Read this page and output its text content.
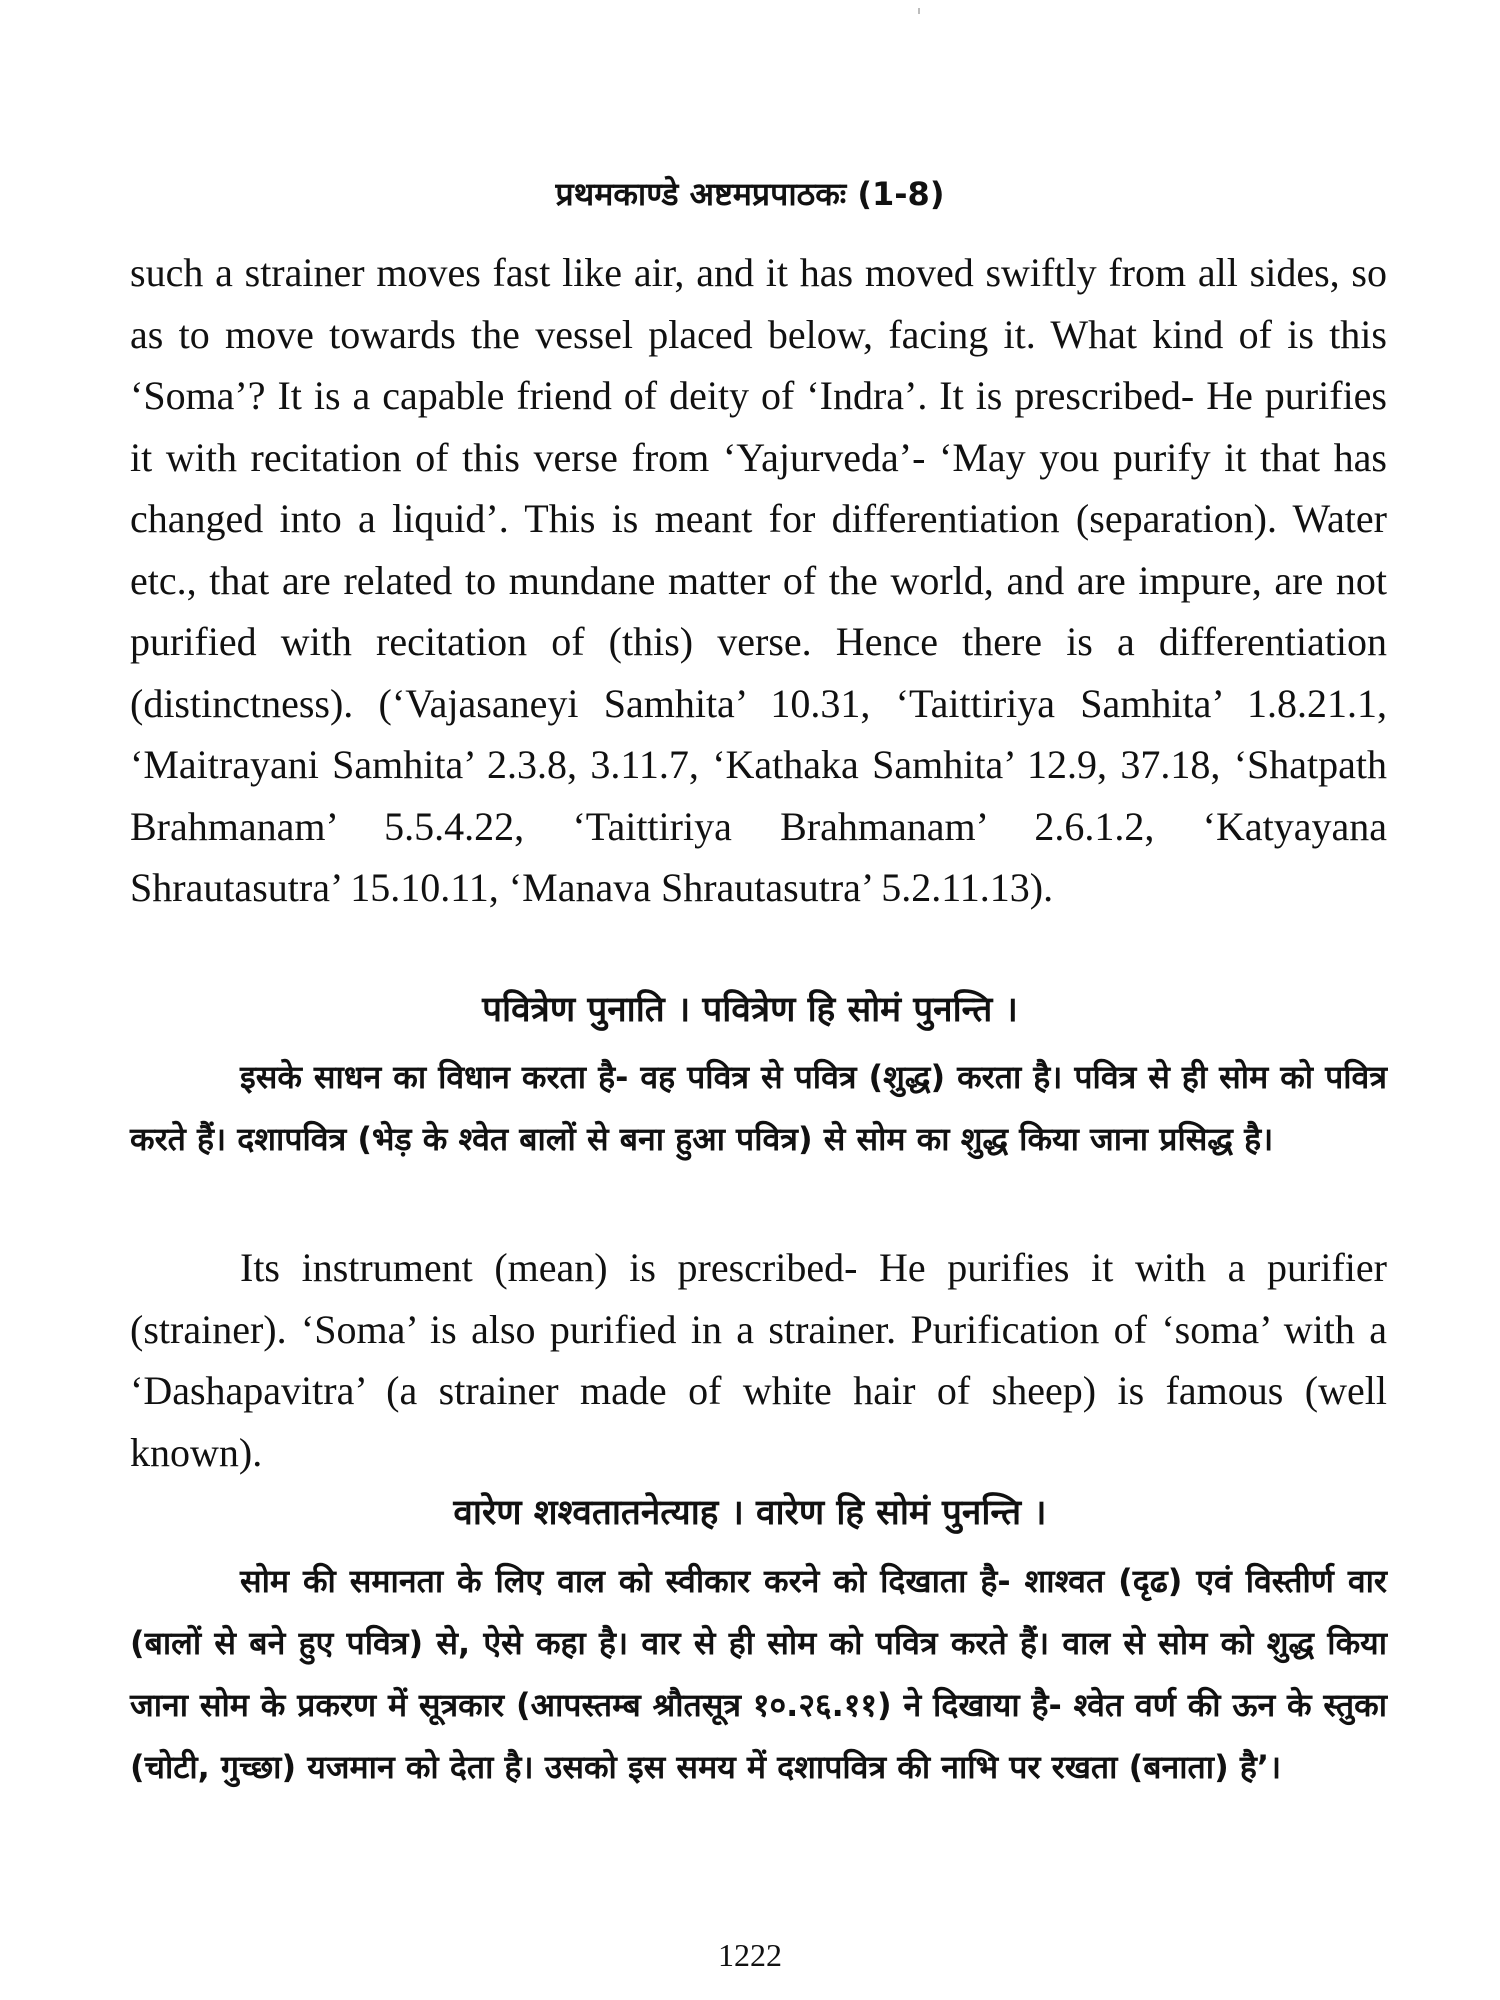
प्रथमकाण्डे अष्टमप्रपाठकः (1-8)

such a strainer moves fast like air, and it has moved swiftly from all sides, so as to move towards the vessel placed below, facing it. What kind of is this ‘Soma’? It is a capable friend of deity of ‘Indra’. It is prescribed- He purifies it with recitation of this verse from ‘Yajurveda’- ‘May you purify it that has changed into a liquid’. This is meant for differentiation (separation). Water etc., that are related to mundane matter of the world, and are impure, are not purified with recitation of (this) verse. Hence there is a differentiation (distinctness). (‘Vajasaneyi Samhita’ 10.31, ‘Taittiriya Samhita’ 1.8.21.1, ‘Maitrayani Samhita’ 2.3.8, 3.11.7, ‘Kathaka Samhita’ 12.9, 37.18, ‘Shatpath Brahmanam’ 5.5.4.22, ‘Taittiriya Brahmanam’ 2.6.1.2, ‘Katyayana Shrautasutra’ 15.10.11, ‘Manava Shrautasutra’ 5.2.11.13).

पवित्रेण पुनाति । पवित्रेण हि सोमं पुनन्ति ।

इसके साधन का विधान करता है- वह पवित्र से पवित्र (शुद्ध) करता है। पवित्र से ही सोम को पवित्र करते हैं। दशापवित्र (भेड़ के श्वेत बालों से बना हुआ पवित्र) से सोम का शुद्ध किया जाना प्रसिद्ध है।

Its instrument (mean) is prescribed- He purifies it with a purifier (strainer). ‘Soma’ is also purified in a strainer. Purification of ‘soma’ with a ‘Dashapavitra’ (a strainer made of white hair of sheep) is famous (well known).

वारेण शश्वतातनेत्याह । वारेण हि सोमं पुनन्ति ।

सोम की समानता के लिए वाल को स्वीकार करने को दिखाता है- शाश्वत (दृढ) एवं विस्तीर्ण वार (बालों से बने हुए पवित्र) से, ऐसे कहा है। वार से ही सोम को पवित्र करते हैं। वाल से सोम को शुद्ध किया जाना सोम के प्रकरण में सूत्रकार (आपस्तम्ब श्रौतसूत्र १०.२६.११) ने दिखाया है- श्वेत वर्ण की ऊन के स्तुका (चोटी, गुच्छा) यजमान को देता है। उसको इस समय में दशापवित्र की नाभि पर रखता (बनाता) है’।

1222
